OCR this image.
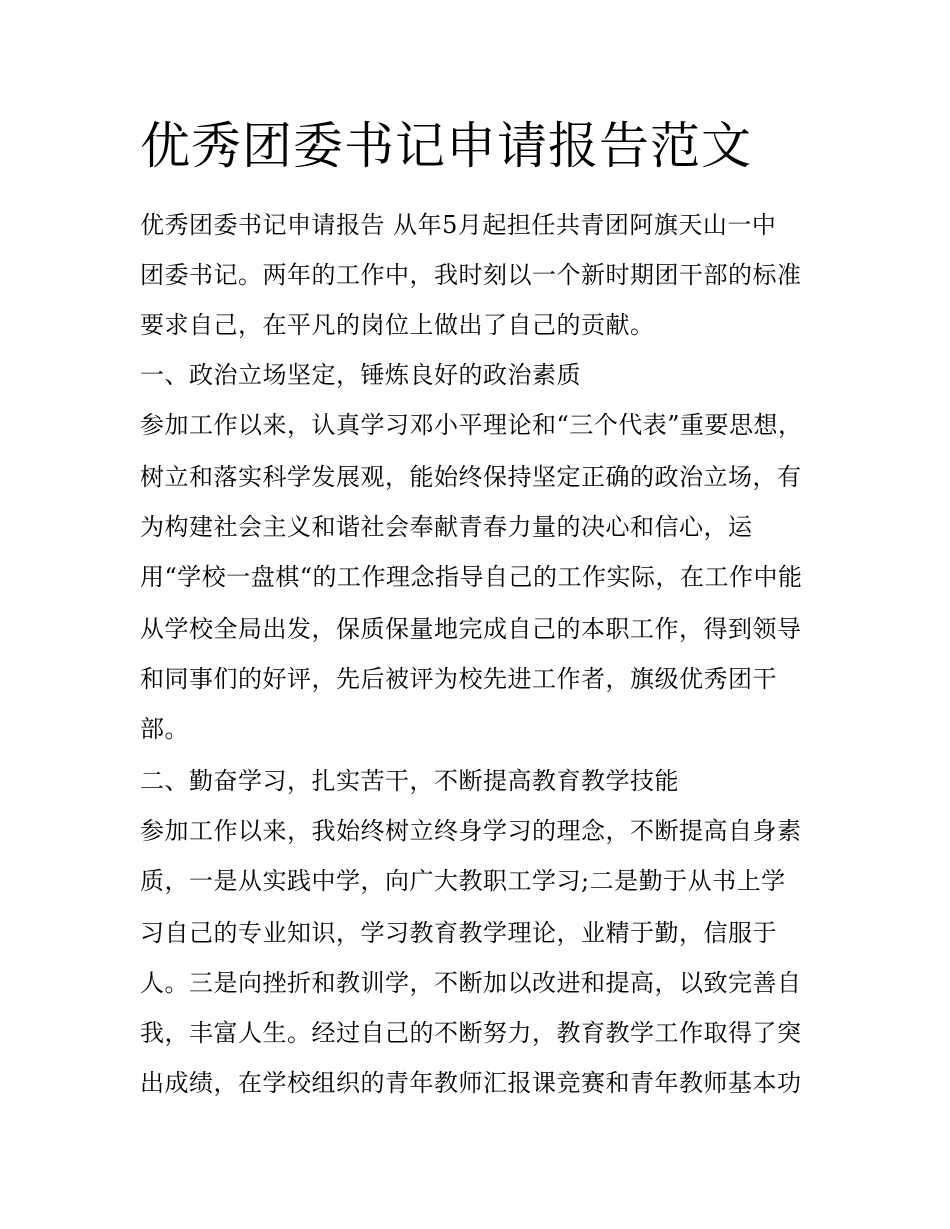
优秀团委书记申请报告范文
优秀团委书记申请报告 从年5月起担任共青团阿旗天山一中
团委书记。两年的工作中，我时刻以一个新时期团干部的标准
要求自己，在平凡的岗位上做出了自己的贡献。
一、政治立场坚定，锤炼良好的政治素质
参加工作以来，认真学习邓小平理论和“三个代表”重要思想，
树立和落实科学发展观，能始终保持坚定正确的政治立场，有
为构建社会主义和谐社会奉献青春力量的决心和信心，运
用“学校一盘棋“的工作理念指导自己的工作实际，在工作中能
从学校全局出发，保质保量地完成自己的本职工作，得到领导
和同事们的好评，先后被评为校先进工作者，旗级优秀团干
部。
二、勤奋学习，扎实苦干，不断提高教育教学技能
参加工作以来，我始终树立终身学习的理念，不断提高自身素
质，一是从实践中学，向广大教职工学习;二是勤于从书上学
习自己的专业知识，学习教育教学理论，业精于勤，信服于
人。三是向挫折和教训学，不断加以改进和提高，以致完善自
我，丰富人生。经过自己的不断努力，教育教学工作取得了突
出成绩，在学校组织的青年教师汇报课竞赛和青年教师基本功
